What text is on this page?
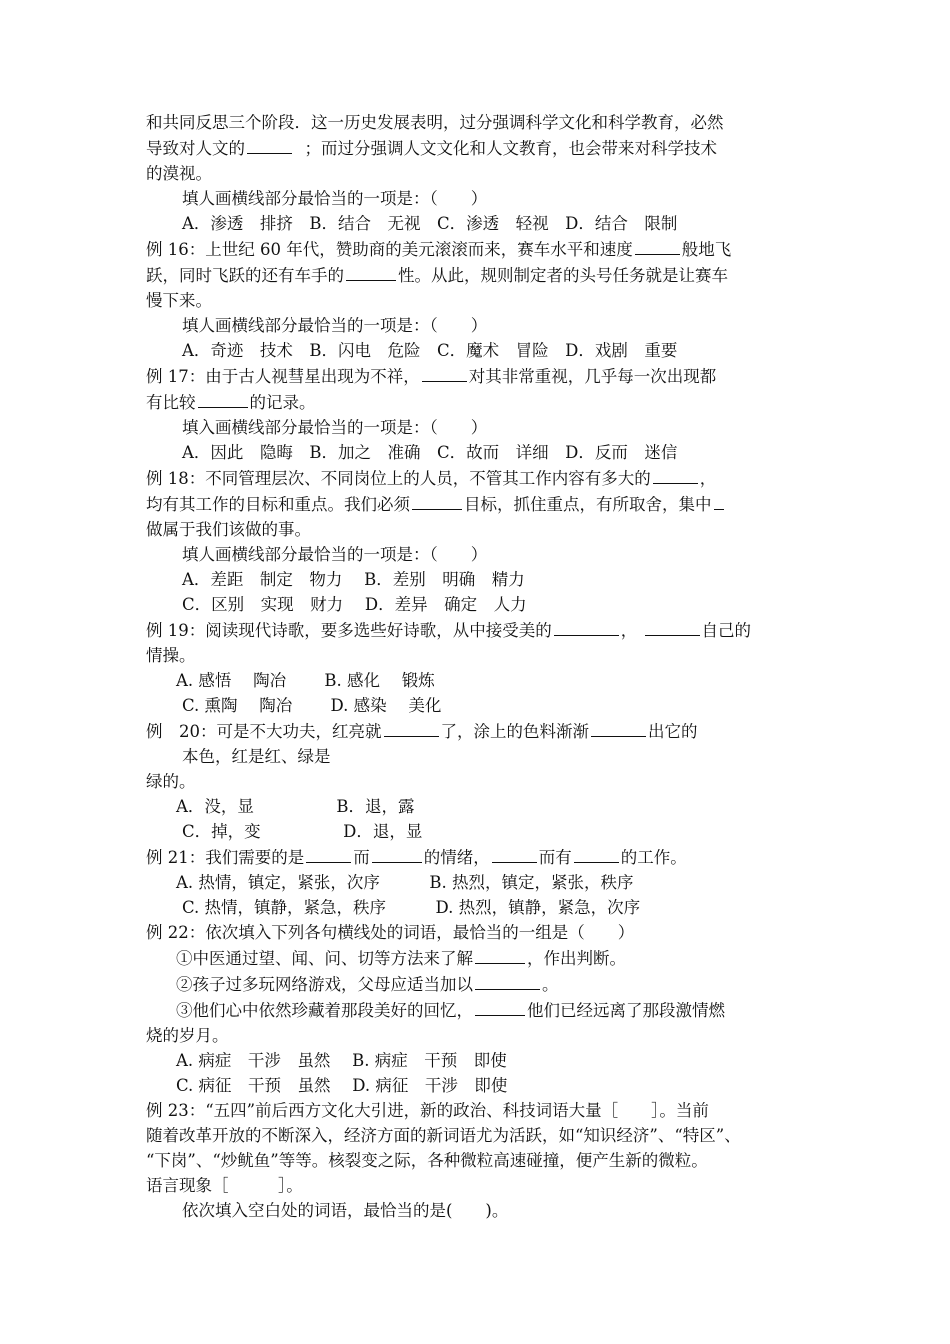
和共同反思三个阶段．这一历史发展表明，过分强调科学文化和科学教育，必然

导致对人文的	；而过分强调人文文化和人文教育，也会带来对科学技术

的漠视。

填人画横线部分最恰当的一项是：（　　）

A．渗透　排挤　B．结合　无视　C．渗透　轻视　D．结合　限制

例 16：上世纪 60 年代，赞助商的美元滚滚而来，赛车水平和速度	般地飞

跃，同时飞跃的还有车手的	性。从此，规则制定者的头号任务就是让赛车

慢下来。

填人画横线部分最恰当的一项是：（　　）

A．奇迹　技术　B．闪电　危险　C．魔术　冒险　D．戏剧　重要

例 17：由于古人视彗星出现为不祥，	对其非常重视，几乎每一次出现都

有比较	的记录。

填入画横线部分最恰当的一项是：（　　）

A．因此　隐晦　B．加之　准确　C．故而　详细　D．反而　迷信

例 18：不同管理层次、不同岗位上的人员，不管其工作内容有多大的	，

均有其工作的目标和重点。我们必须	目标，抓住重点，有所取舍，集中

做属于我们该做的事。

填人画横线部分最恰当的一项是：（　　）

A．差距　制定　物力　 B．差别　明确　精力

C．区别　实现　财力　 D．差异　确定　人力

例 19：阅读现代诗歌，要多选些好诗歌，从中接受美的	，	自己的

情操。

A. 感悟　 陶冶　　 B. 感化　 锻炼

C. 熏陶　 陶冶　　 D. 感染　 美化

例　20：可是不大功夫，红亮就	了，涂上的色料渐渐	出它的

本色，红是红、绿是

绿的。

A．没，显　　　　　B．退，露

C．掉，变　　　　　D．退，显

例 21：我们需要的是	而	的情绪，	而有	的工作。

A. 热情，镇定，紧张，次序　　　B. 热烈，镇定，紧张，秩序

C. 热情，镇静，紧急，秩序　　　D. 热烈，镇静，紧急，次序

例 22：依次填入下列各句横线处的词语，最恰当的一组是（　　）

①中医通过望、闻、问、切等方法来了解	，作出判断。

②孩子过多玩网络游戏，父母应适当加以	。

③他们心中依然珍藏着那段美好的回忆，	他们已经远离了那段激情燃

烧的岁月。

A. 病症　干涉　虽然　 B. 病症　干预　即使

C. 病征　干预　虽然　 D. 病征　干涉　即使

例 23：“五四”前后西方文化大引进，新的政治、科技词语大量［　　］。当前

随着改革开放的不断深入，经济方面的新词语尤为活跃，如“知识经济”、“特区”、

“下岗”、“炒鱿鱼”等等。核裂变之际，各种微粒高速碰撞，便产生新的微粒。

语言现象［　　　］。

依次填入空白处的词语，最恰当的是(　　)。
